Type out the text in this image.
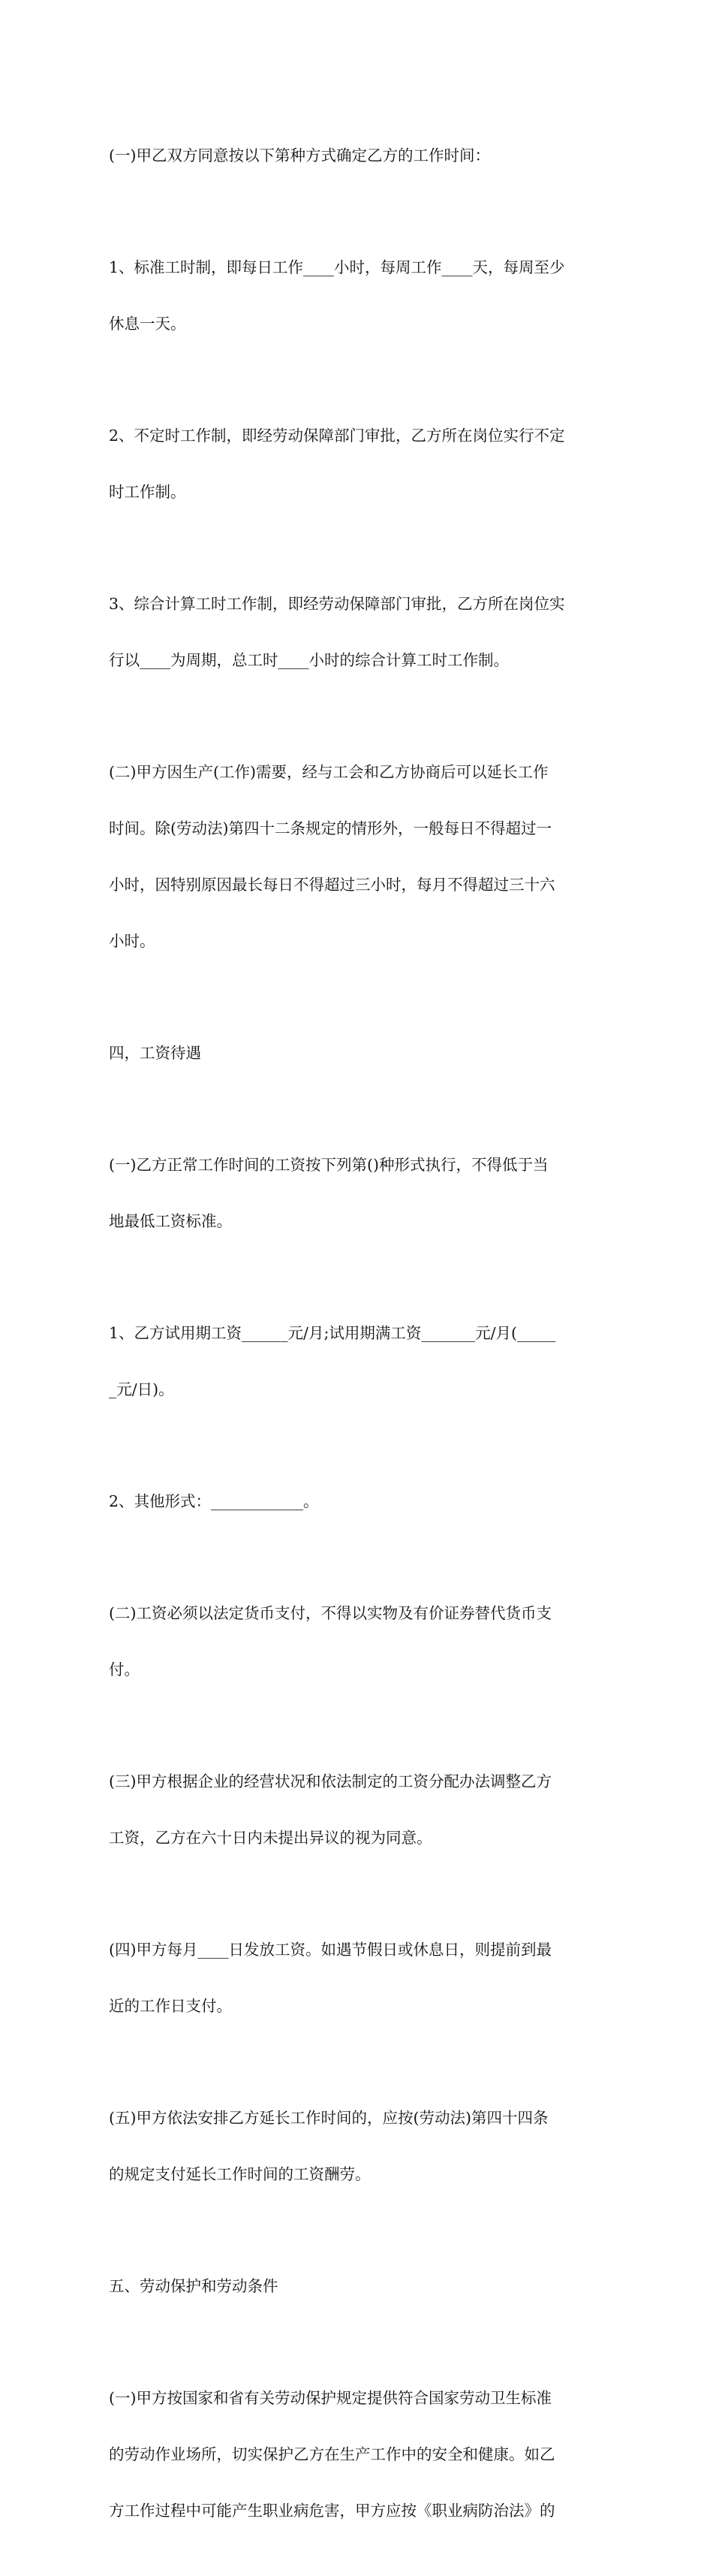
(一)甲乙双方同意按以下第种方式确定乙方的工作时间：

1、标准工时制，即每日工作____小时，每周工作____天，每周至少

休息一天。

2、不定时工作制，即经劳动保障部门审批，乙方所在岗位实行不定

时工作制。

3、综合计算工时工作制，即经劳动保障部门审批，乙方所在岗位实

行以____为周期，总工时____小时的综合计算工时工作制。

(二)甲方因生产(工作)需要，经与工会和乙方协商后可以延长工作

时间。除(劳动法)第四十二条规定的情形外，一般每日不得超过一

小时，因特别原因最长每日不得超过三小时，每月不得超过三十六

小时。

四，工资待遇

(一)乙方正常工作时间的工资按下列第()种形式执行，不得低于当

地最低工资标准。

1、乙方试用期工资______元/月;试用期满工资_______元/月(_____

_元/日)。

2、其他形式：____________。

(二)工资必须以法定货币支付，不得以实物及有价证券替代货币支

付。

(三)甲方根据企业的经营状况和依法制定的工资分配办法调整乙方

工资，乙方在六十日内未提出异议的视为同意。

(四)甲方每月____日发放工资。如遇节假日或休息日，则提前到最

近的工作日支付。

(五)甲方依法安排乙方延长工作时间的，应按(劳动法)第四十四条

的规定支付延长工作时间的工资酬劳。

五、劳动保护和劳动条件

(一)甲方按国家和省有关劳动保护规定提供符合国家劳动卫生标准

的劳动作业场所，切实保护乙方在生产工作中的安全和健康。如乙

方工作过程中可能产生职业病危害，甲方应按《职业病防治法》的
